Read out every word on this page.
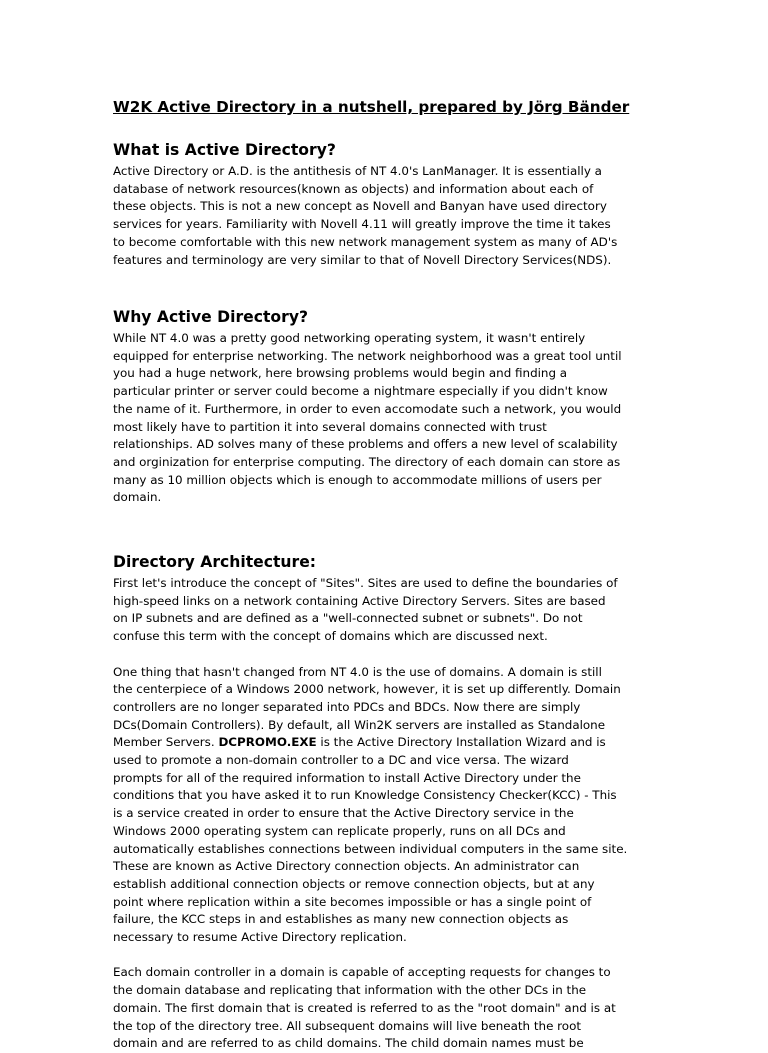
W2K Active Directory in a nutshell, prepared by Jörg Bänder
What is Active Directory?

Active Directory or A.D. is the antithesis of NT 4.0's LanManager. It is essentially a
database of network resources(known as objects) and information about each of
these objects. This is not a new concept as Novell and Banyan have used directory
services for years. Familiarity with Novell 4.11 will greatly improve the time it takes
to become comfortable with this new network management system as many of AD's
features and terminology are very similar to that of Novell Directory Services(NDS).

Why Active Directory?

While NT 4.0 was a pretty good networking operating system, it wasn't entirely
equipped for enterprise networking. The network neighborhood was a great tool until
you had a huge network, here browsing problems would begin and finding a
particular printer or server could become a nightmare especially if you didn't know
the name of it. Furthermore, in order to even accomodate such a network, you would
most likely have to partition it into several domains connected with trust
relationships. AD solves many of these problems and offers a new level of scalability
and orginization for enterprise computing. The directory of each domain can store as
many as 10 million objects which is enough to accommodate millions of users per
domain.

Directory Architecture:

First let's introduce the concept of "Sites". Sites are used to define the boundaries of
high-speed links on a network containing Active Directory Servers. Sites are based
on IP subnets and are defined as a "well-connected subnet or subnets". Do not
confuse this term with the concept of domains which are discussed next.

One thing that hasn't changed from NT 4.0 is the use of domains. A domain is still
the centerpiece of a Windows 2000 network, however, it is set up differently. Domain
controllers are no longer separated into PDCs and BDCs. Now there are simply
DCs(Domain Controllers). By default, all Win2K servers are installed as Standalone
Member Servers. DCPROMO.EXE is the Active Directory Installation Wizard and is
used to promote a non-domain controller to a DC and vice versa. The wizard
prompts for all of the required information to install Active Directory under the
conditions that you have asked it to run Knowledge Consistency Checker(KCC) - This
is a service created in order to ensure that the Active Directory service in the
Windows 2000 operating system can replicate properly, runs on all DCs and
automatically establishes connections between individual computers in the same site.
These are known as Active Directory connection objects. An administrator can
establish additional connection objects or remove connection objects, but at any
point where replication within a site becomes impossible or has a single point of
failure, the KCC steps in and establishes as many new connection objects as
necessary to resume Active Directory replication.

Each domain controller in a domain is capable of accepting requests for changes to
the domain database and replicating that information with the other DCs in the
domain. The first domain that is created is referred to as the "root domain" and is at
the top of the directory tree. All subsequent domains will live beneath the root
domain and are referred to as child domains. The child domain names must be
